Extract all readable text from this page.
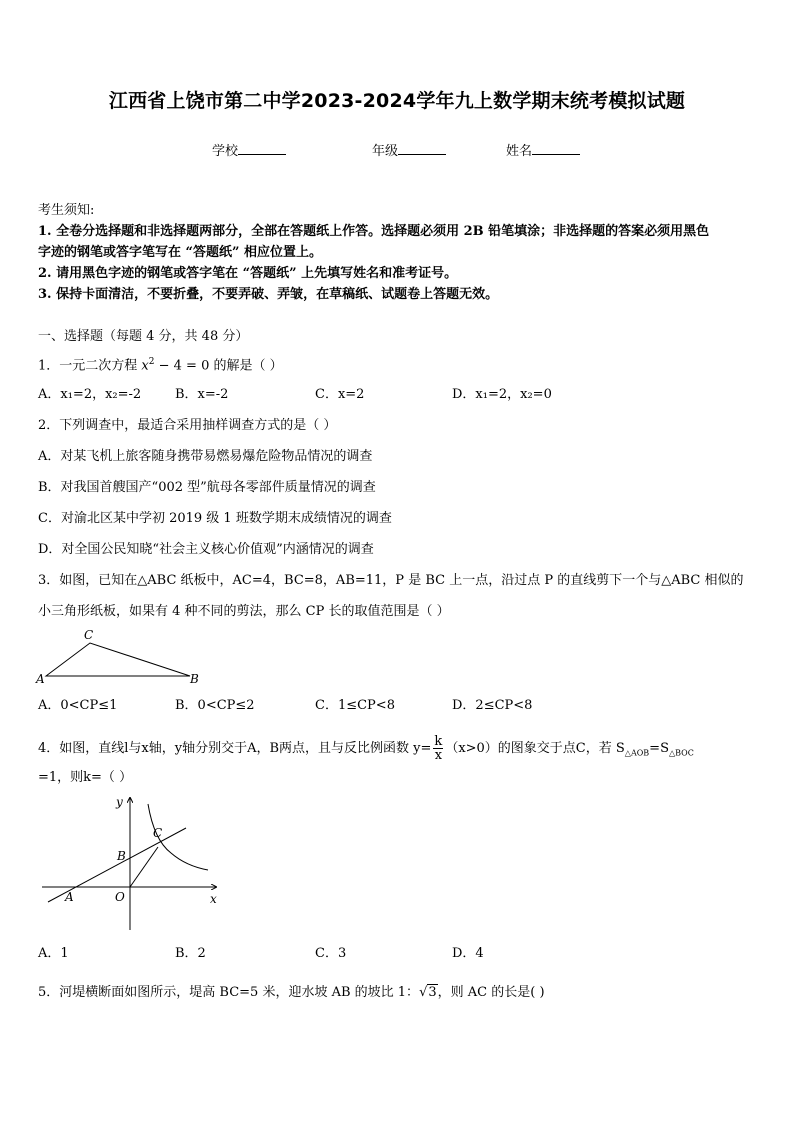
江西省上饶市第二中学2023-2024学年九上数学期末统考模拟试题
学校	年级	姓名
考生须知:
1. 全卷分选择题和非选择题两部分，全部在答题纸上作答。选择题必须用 2B 铅笔填涂；非选择题的答案必须用黑色
字迹的钢笔或答字笔写在 “答题纸” 相应位置上。
2. 请用黑色字迹的钢笔或答字笔在 “答题纸” 上先填写姓名和准考证号。
3. 保持卡面清洁，不要折叠，不要弄破、弄皱，在草稿纸、试题卷上答题无效。
一、选择题（每题 4 分，共 48 分）
1．一元二次方程 $x^2 - 4 = 0$ 的解是（ ）
A．x₁=2，x₂=-2	B．x=-2	C．x=2	D．x₁=2，x₂=0
2．下列调查中，最适合采用抽样调查方式的是（ ）
A．对某飞机上旅客随身携带易燃易爆危险物品情况的调查
B．对我国首艘国产“002 型”航母各零部件质量情况的调查
C．对渝北区某中学初 2019 级 1 班数学期末成绩情况的调查
D．对全国公民知晓“社会主义核心价值观”内涵情况的调查
3．如图，已知在△ABC 纸板中，AC=4，BC=8，AB=11，P 是 BC 上一点，沿过点 P 的直线剪下一个与△ABC 相似的
小三角形纸板，如果有 4 种不同的剪法，那么 CP 长的取值范围是（ ）
A
C
B
A．0<CP≤1	B．0<CP≤2	C．1≤CP<8	D．2≤CP<8
4．如图，直线l与x轴，y轴分别交于A，B两点，且与反比例函数 $y= \frac{k}{x} (x>0)$的图象交于点C，若 $S_{\triangle AOB}=S_{\triangle BOC}$
=1，则k=（ ）
y
x
O
A
B
C
A．1	B．2	C．3	D．4
5．河堤横断面如图所示，堤高 BC=5 米，迎水坡 AB 的坡比 1：√3，则 AC 的长是( )
